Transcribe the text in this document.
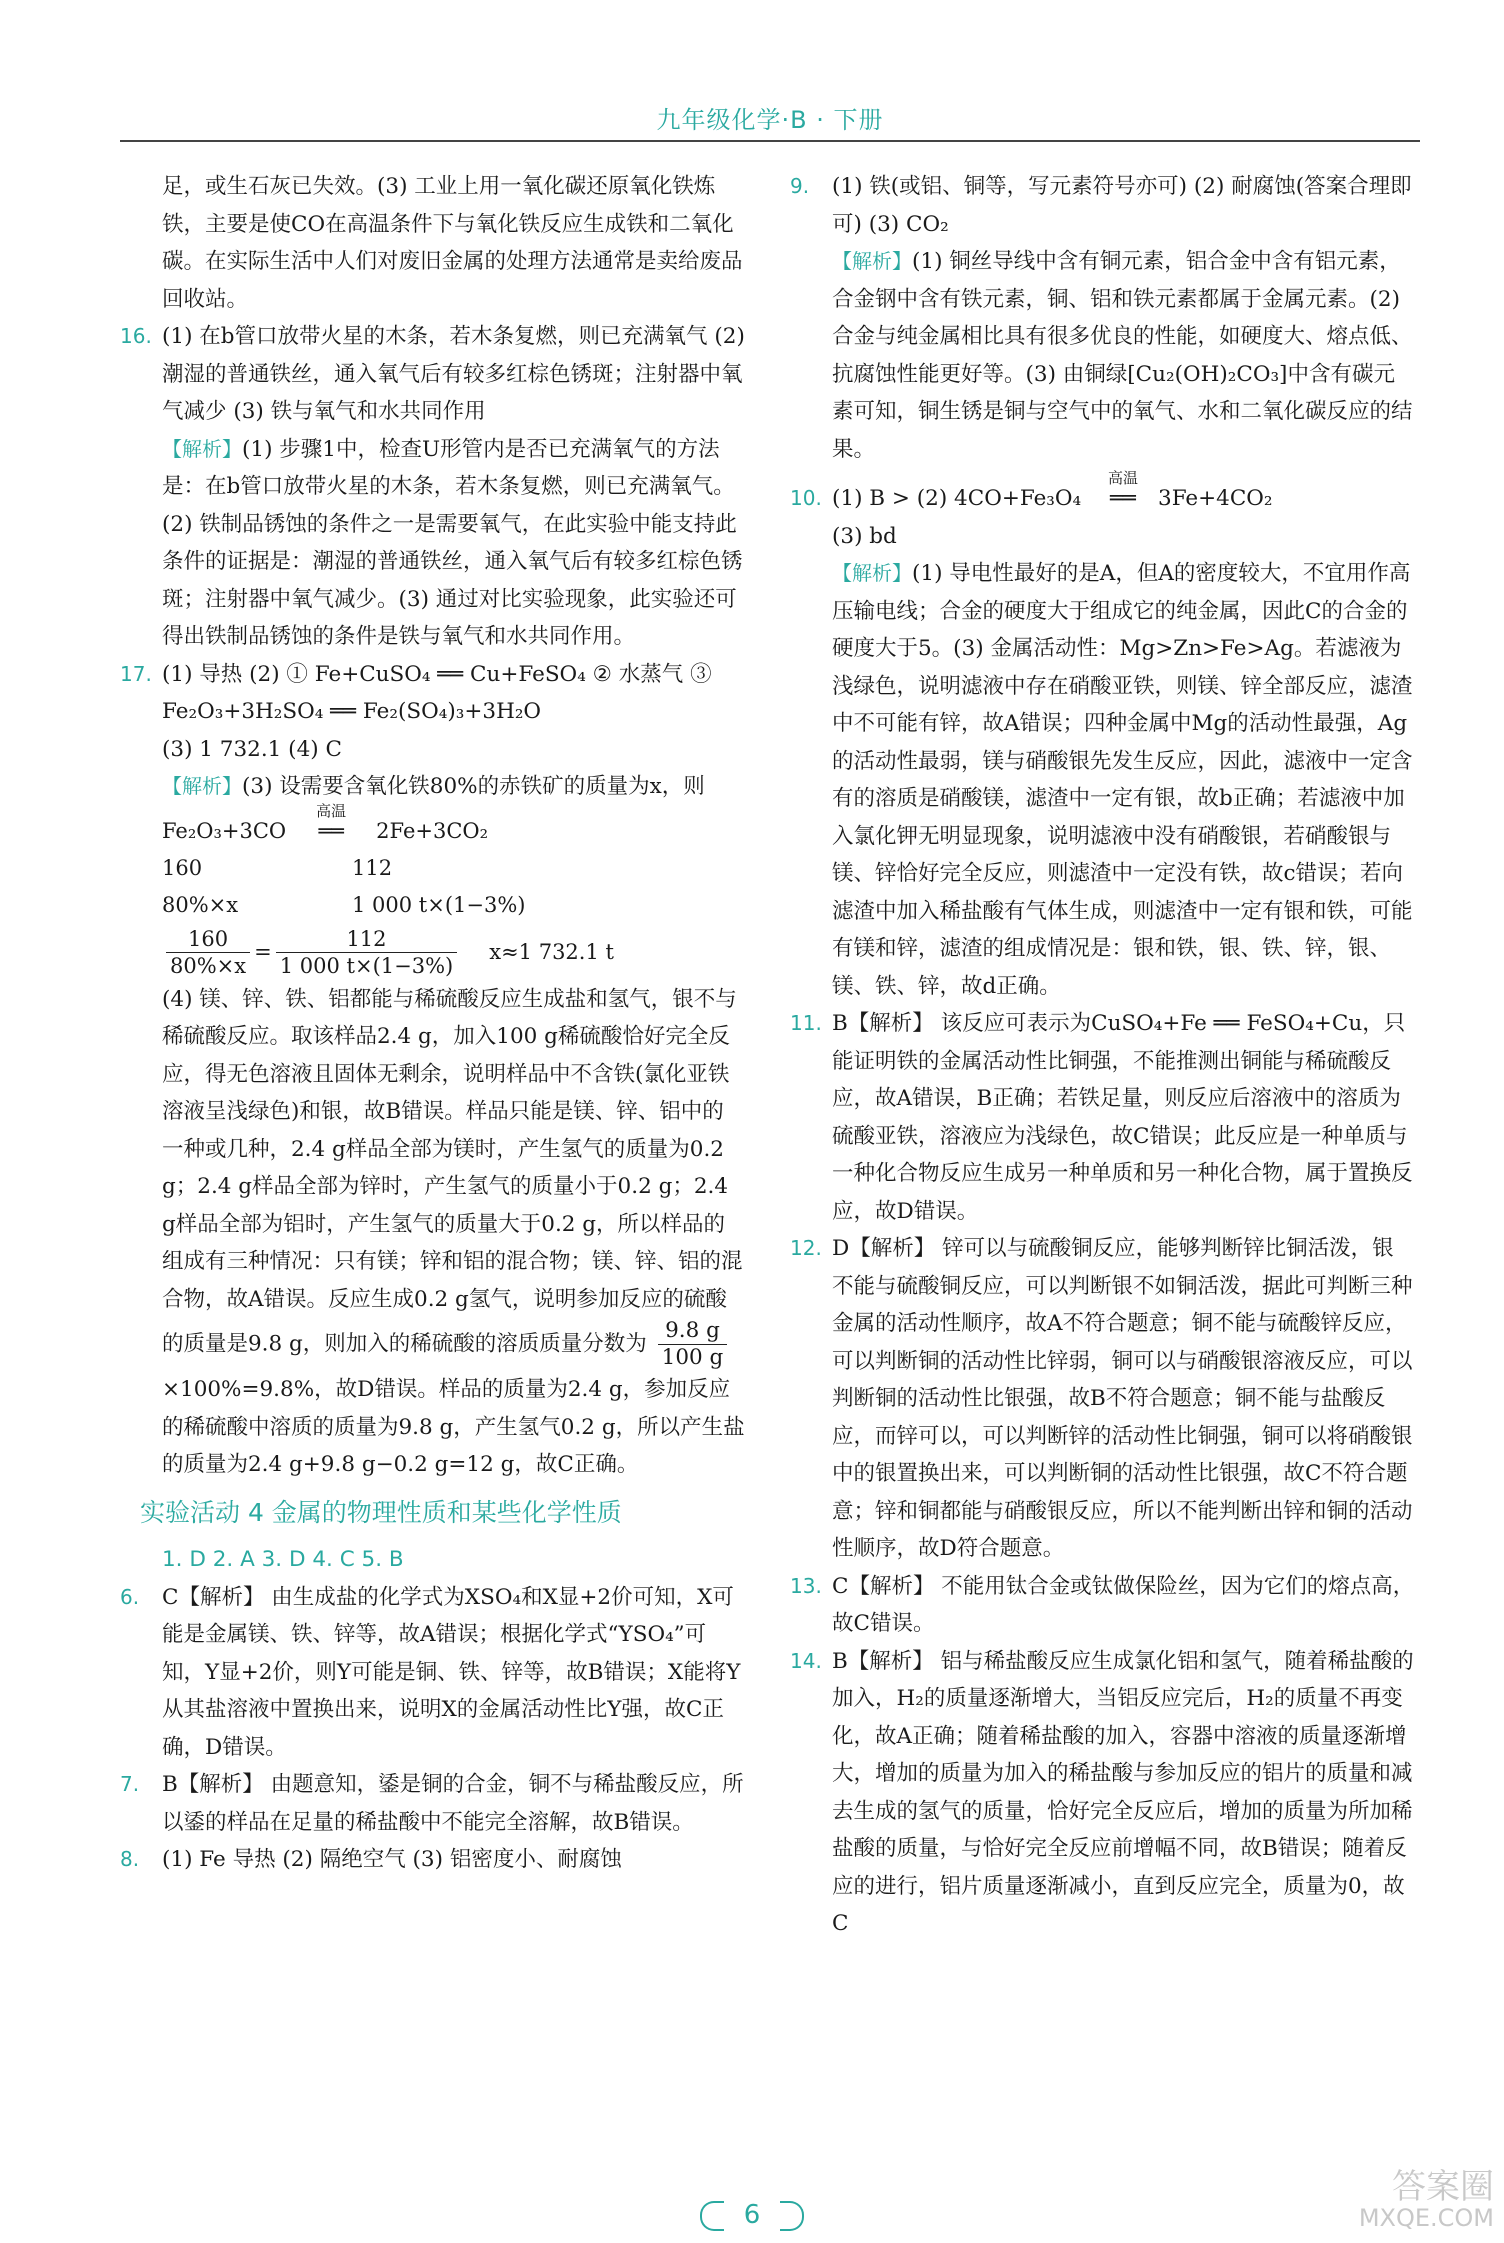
九年级化学·B · 下册

足，或生石灰已失效。(3) 工业上用一氧化碳还原氧化铁炼铁，主要是使CO在高温条件下与氧化铁反应生成铁和二氧化碳。在实际生活中人们对废旧金属的处理方法通常是卖给废品回收站。

16. (1) 在b管口放带火星的木条，若木条复燃，则已充满氧气 (2) 潮湿的普通铁丝，通入氧气后有较多红棕色锈斑；注射器中氧气减少 (3) 铁与氧气和水共同作用
【解析】(1) 步骤1中，检查U形管内是否已充满氧气的方法是：在b管口放带火星的木条，若木条复燃，则已充满氧气。(2) 铁制品锈蚀的条件之一是需要氧气，在此实验中能支持此条件的证据是：潮湿的普通铁丝，通入氧气后有较多红棕色锈斑；注射器中氧气减少。(3) 通过对比实验现象，此实验还可得出铁制品锈蚀的条件是铁与氧气和水共同作用。
17. (1) 导热 (2) ① Fe+CuSO₄ ══ Cu+FeSO₄ ② 水蒸气 ③ Fe₂O₃+3H₂SO₄ ══ Fe₂(SO₄)₃+3H₂O
(3) 1 732.1 (4) C
【解析】(3) 设需要含氧化铁80%的赤铁矿的质量为x，则
Fe₂O₃+3CO
高温
══	2Fe+3CO₂
160	112
80%×x	1 000 t×(1−3%)
$\frac{160}{80\%\times x} = \frac{112}{1 000 t\times(1-3\%)} x\approx 1$ 732.1 t
(4) 镁、锌、铁、铝都能与稀硫酸反应生成盐和氢气，银不与稀硫酸反应。取该样品2.4 g，加入100 g稀硫酸恰好完全反应，得无色溶液且固体无剩余，说明样品中不含铁(氯化亚铁溶液呈浅绿色)和银，故B错误。样品只能是镁、锌、铝中的一种或几种，2.4 g样品全部为镁时，产生氢气的质量为0.2 g；2.4 g样品全部为锌时，产生氢气的质量小于0.2 g；2.4 g样品全部为铝时，产生氢气的质量大于0.2 g，所以样品的组成有三种情况：只有镁；锌和铝的混合物；镁、锌、铝的混合物，故A错误。反应生成0.2 g氢气，说明参加反应的硫酸的质量是9.8 g，则加入的稀硫酸的溶质质量分数为 $\frac{9.8 g}{100 g}$
×100%=9.8%，故D错误。样品的质量为2.4 g，参加反应的稀硫酸中溶质的质量为9.8 g，产生氢气0.2 g，所以产生盐的质量为2.4 g+9.8 g−0.2 g=12 g，故C正确。
实验活动 4 金属的物理性质和某些化学性质
1. D 2. A 3. D 4. C 5. B
6. C【解析】 由生成盐的化学式为XSO₄和X显+2价可知，X可能是金属镁、铁、锌等，故A错误；根据化学式“YSO₄”可知，Y显+2价，则Y可能是铜、铁、锌等，故B错误；X能将Y从其盐溶液中置换出来，说明X的金属活动性比Y强，故C正确，D错误。
7. B【解析】 由题意知，鋈是铜的合金，铜不与稀盐酸反应，所以鋈的样品在足量的稀盐酸中不能完全溶解，故B错误。
8. (1) Fe 导热 (2) 隔绝空气 (3) 铝密度小、耐腐蚀
9. (1) 铁(或铝、铜等，写元素符号亦可) (2) 耐腐蚀(答案合理即可) (3) CO₂
【解析】(1) 铜丝导线中含有铜元素，铝合金中含有铝元素，合金钢中含有铁元素，铜、铝和铁元素都属于金属元素。(2) 合金与纯金属相比具有很多优良的性能，如硬度大、熔点低、抗腐蚀性能更好等。(3) 由铜绿[Cu₂(OH)₂CO₃]中含有碳元素可知，铜生锈是铜与空气中的氧气、水和二氧化碳反应的结果。
10. (1) B > (2) 4CO+Fe₃O₄
高温
══3Fe+4CO₂
(3) bd
【解析】(1) 导电性最好的是A，但A的密度较大，不宜用作高压输电线；合金的硬度大于组成它的纯金属，因此C的合金的硬度大于5。(3) 金属活动性：Mg>Zn>Fe>Ag。若滤液为浅绿色，说明滤液中存在硝酸亚铁，则镁、锌全部反应，滤渣中不可能有锌，故A错误；四种金属中Mg的活动性最强，Ag的活动性最弱，镁与硝酸银先发生反应，因此，滤液中一定含有的溶质是硝酸镁，滤渣中一定有银，故b正确；若滤液中加入氯化钾无明显现象，说明滤液中没有硝酸银，若硝酸银与镁、锌恰好完全反应，则滤渣中一定没有铁，故c错误；若向滤渣中加入稀盐酸有气体生成，则滤渣中一定有银和铁，可能有镁和锌，滤渣的组成情况是：银和铁，银、铁、锌，银、镁、铁、锌，故d正确。
11. B【解析】 该反应可表示为CuSO₄+Fe ══ FeSO₄+Cu，只能证明铁的金属活动性比铜强，不能推测出铜能与稀硫酸反应，故A错误，B正确；若铁足量，则反应后溶液中的溶质为硫酸亚铁，溶液应为浅绿色，故C错误；此反应是一种单质与一种化合物反应生成另一种单质和另一种化合物，属于置换反应，故D错误。
12. D【解析】 锌可以与硫酸铜反应，能够判断锌比铜活泼，银不能与硫酸铜反应，可以判断银不如铜活泼，据此可判断三种金属的活动性顺序，故A不符合题意；铜不能与硫酸锌反应，可以判断铜的活动性比锌弱，铜可以与硝酸银溶液反应，可以判断铜的活动性比银强，故B不符合题意；铜不能与盐酸反应，而锌可以，可以判断锌的活动性比铜强，铜可以将硝酸银中的银置换出来，可以判断铜的活动性比银强，故C不符合题意；锌和铜都能与硝酸银反应，所以不能判断出锌和铜的活动性顺序，故D符合题意。
13. C【解析】 不能用钛合金或钛做保险丝，因为它们的熔点高，故C错误。
14. B【解析】 铝与稀盐酸反应生成氯化铝和氢气，随着稀盐酸的加入，H₂的质量逐渐增大，当铝反应完后，H₂的质量不再变化，故A正确；随着稀盐酸的加入，容器中溶液的质量逐渐增大，增加的质量为加入的稀盐酸与参加反应的铝片的质量和减去生成的氢气的质量，恰好完全反应后，增加的质量为所加稀盐酸的质量，与恰好完全反应前增幅不同，故B错误；随着反应的进行，铝片质量逐渐减小，直到反应完全，质量为0，故C
6
答案圈
MXQE.COM
